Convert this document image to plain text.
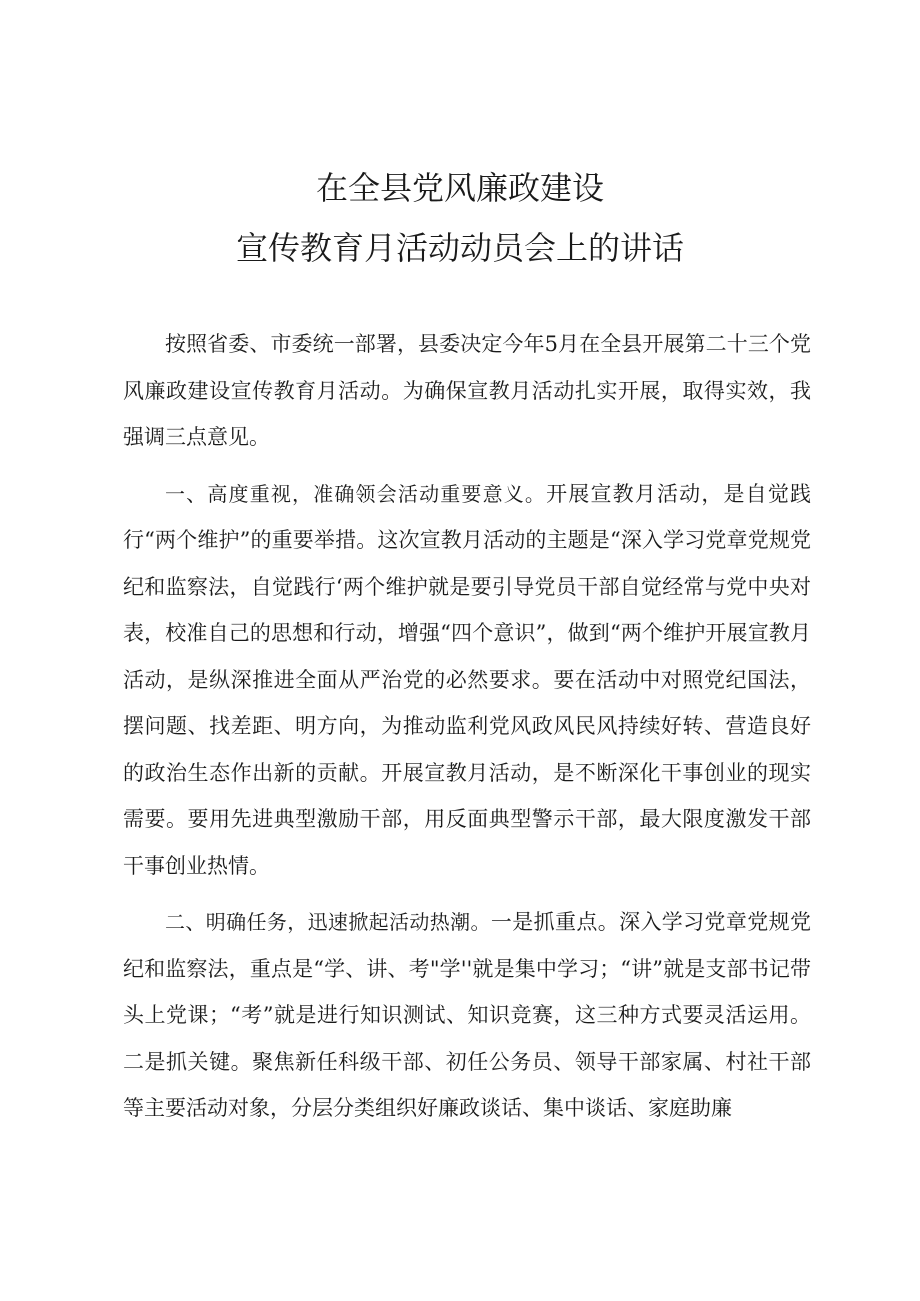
在全县党风廉政建设
宣传教育月活动动员会上的讲话

按照省委、市委统一部署，县委决定今年5月在全县开展第二十三个党风廉政建设宣传教育月活动。为确保宣教月活动扎实开展，取得实效，我强调三点意见。

一、高度重视，准确领会活动重要意义。开展宣教月活动，是自觉践行“两个维护”的重要举措。这次宣教月活动的主题是“深入学习党章党规党纪和监察法，自觉践行‘两个维护就是要引导党员干部自觉经常与党中央对表，校准自己的思想和行动，增强“四个意识”，做到“两个维护开展宣教月活动，是纵深推进全面从严治党的必然要求。要在活动中对照党纪国法，摆问题、找差距、明方向，为推动监利党风政风民风持续好转、营造良好的政治生态作出新的贡献。开展宣教月活动，是不断深化干事创业的现实需要。要用先进典型激励干部，用反面典型警示干部，最大限度激发干部干事创业热情。

二、明确任务，迅速掀起活动热潮。一是抓重点。深入学习党章党规党纪和监察法，重点是“学、讲、考"学''就是集中学习；“讲”就是支部书记带头上党课；“考”就是进行知识测试、知识竞赛，这三种方式要灵活运用。二是抓关键。聚焦新任科级干部、初任公务员、领导干部家属、村社干部等主要活动对象，分层分类组织好廉政谈话、集中谈话、家庭助廉
